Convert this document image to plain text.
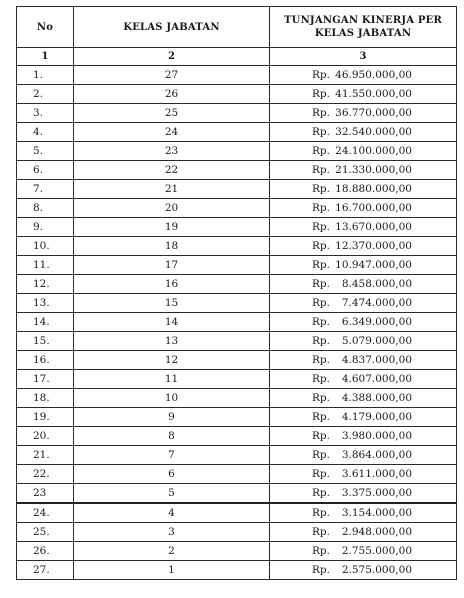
No	KELAS JABATAN	TUNJANGAN KINERJA PER KELAS JABATAN
1	2	3
1.	27	Rp. 46.950.000,00

2.	26	Rp. 41.550.000,00

3.	25	Rp. 36.770.000,00

4.	24	Rp. 32.540.000,00

5.	23	Rp. 24.100.000,00

6.	22	Rp. 21.330.000,00

7.	21	Rp. 18.880.000,00

8.	20	Rp. 16.700.000,00

9.	19	Rp. 13.670.000,00

10.	18	Rp. 12.370.000,00

11.	17	Rp. 10.947.000,00

12.	16	Rp. 8.458.000,00

13.	15	Rp. 7.474.000,00

14.	14	Rp. 6.349.000,00

15.	13	Rp. 5.079.000,00

16.	12	Rp. 4.837.000,00

17.	11	Rp. 4.607.000,00

18.	10	Rp. 4.388.000,00

19.	9	Rp. 4.179.000,00

20.	8	Rp. 3.980.000,00

21.	7	Rp. 3.864.000,00

22.	6	Rp. 3.611.000,00

23	5	Rp. 3.375.000,00

24.	4	Rp. 3.154.000,00

25.	3	Rp. 2.948.000,00

26.	2	Rp. 2.755.000,00

27.	1	Rp. 2.575.000,00
